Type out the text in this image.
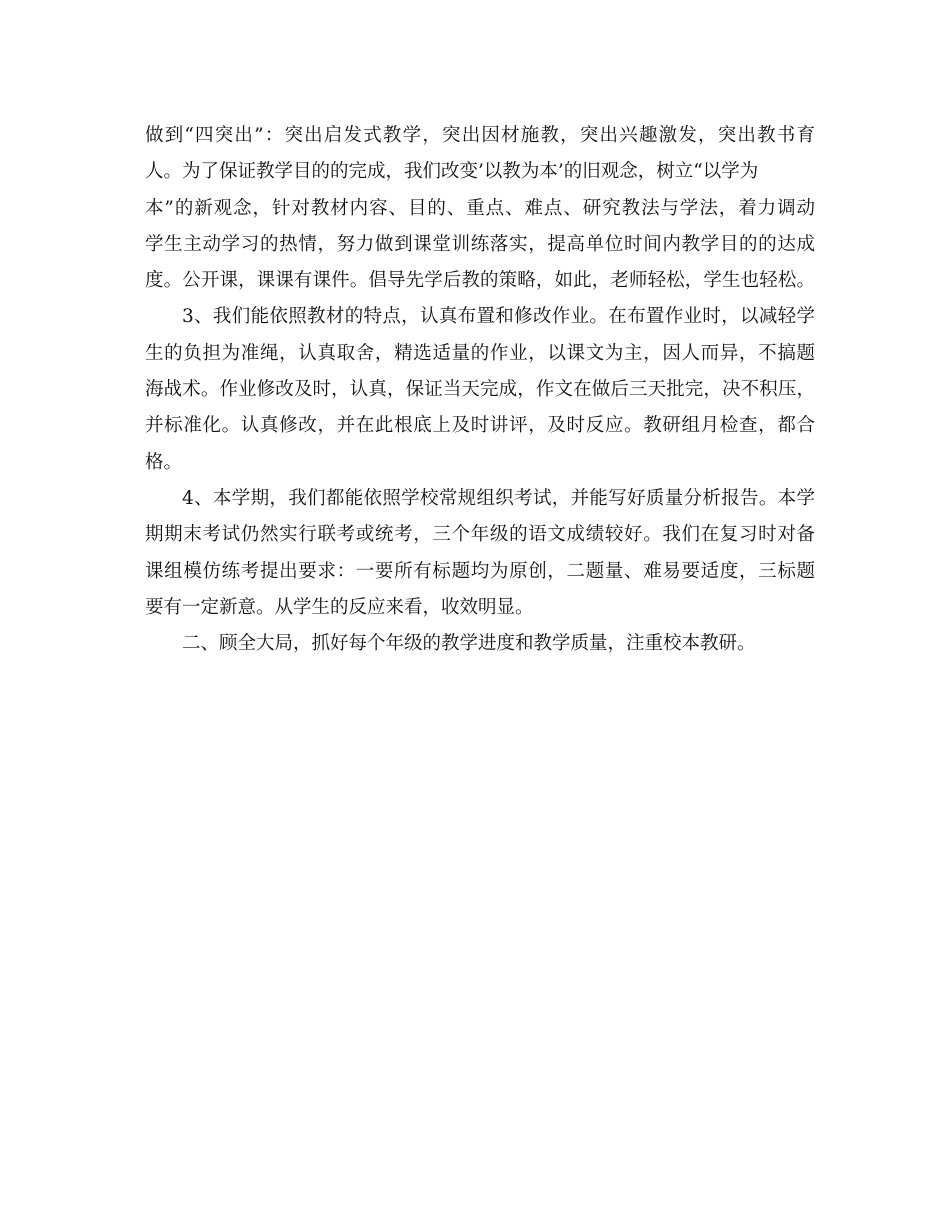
做到“四突出”：突出启发式教学，突出因材施教，突出兴趣激发，突出教书育
人。为了保证教学目的的完成，我们改变’以教为本’的旧观念，树立“以学为
本”的新观念，针对教材内容、目的、重点、难点、研究教法与学法，着力调动
学生主动学习的热情，努力做到课堂训练落实，提高单位时间内教学目的的达成
度。公开课，课课有课件。倡导先学后教的策略，如此，老师轻松，学生也轻松。
3、我们能依照教材的特点，认真布置和修改作业。在布置作业时，以减轻学
生的负担为准绳，认真取舍，精选适量的作业，以课文为主，因人而异，不搞题
海战术。作业修改及时，认真，保证当天完成，作文在做后三天批完，决不积压，
并标准化。认真修改，并在此根底上及时讲评，及时反应。教研组月检查，都合
格。
4、本学期，我们都能依照学校常规组织考试，并能写好质量分析报告。本学
期期末考试仍然实行联考或统考，三个年级的语文成绩较好。我们在复习时对备
课组模仿练考提出要求：一要所有标题均为原创，二题量、难易要适度，三标题
要有一定新意。从学生的反应来看，收效明显。
二、顾全大局，抓好每个年级的教学进度和教学质量，注重校本教研。
